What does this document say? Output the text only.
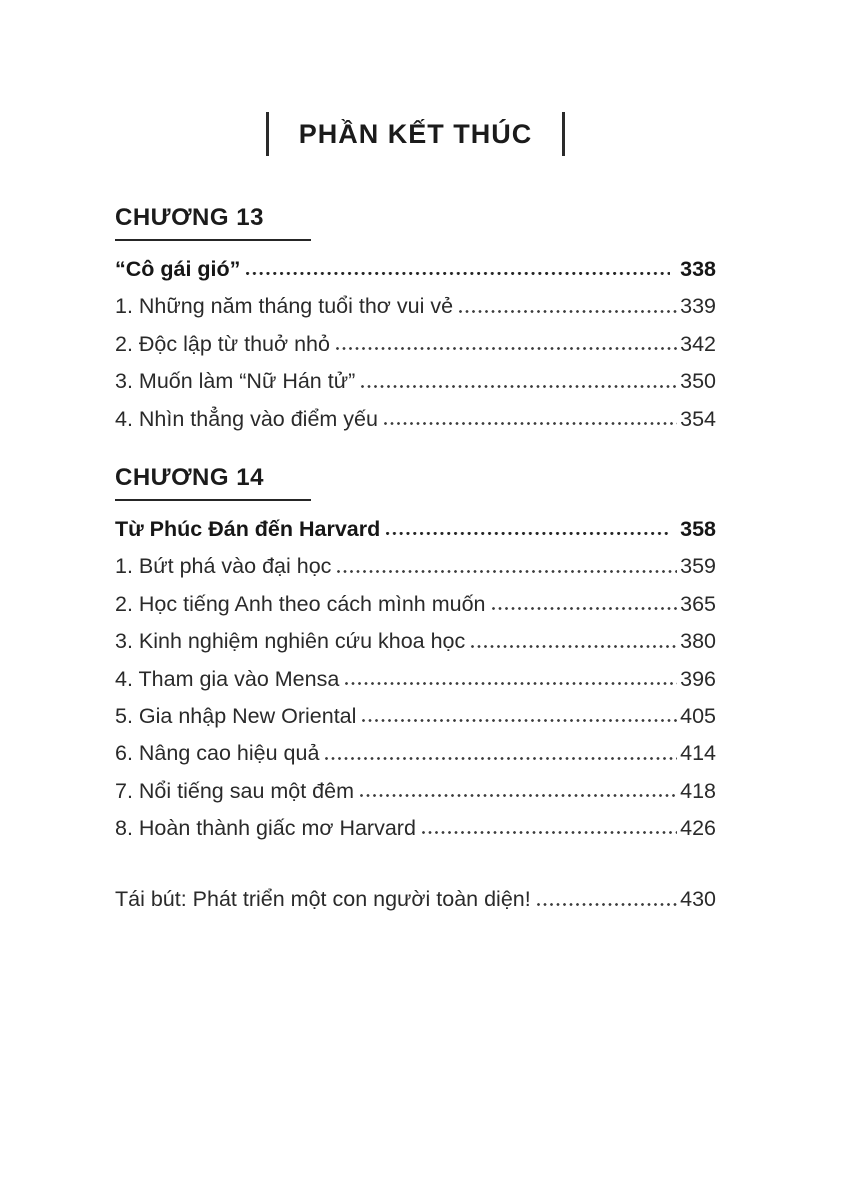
PHẦN KẾT THÚC
CHƯƠNG 13
“Cô gái gió”	338
1. Những năm tháng tuổi thơ vui vẻ	339
2. Độc lập từ thuở nhỏ	342
3. Muốn làm “Nữ Hán tử”	350
4. Nhìn thẳng vào điểm yếu	354
CHƯƠNG 14
Từ Phúc Đán đến Harvard	358
1. Bứt phá vào đại học	359
2. Học tiếng Anh theo cách mình muốn	365
3. Kinh nghiệm nghiên cứu khoa học	380
4. Tham gia vào Mensa	396
5. Gia nhập New Oriental	405
6. Nâng cao hiệu quả	414
7. Nổi tiếng sau một đêm	418
8. Hoàn thành giấc mơ Harvard	426
Tái bút: Phát triển một con người toàn diện!	430
